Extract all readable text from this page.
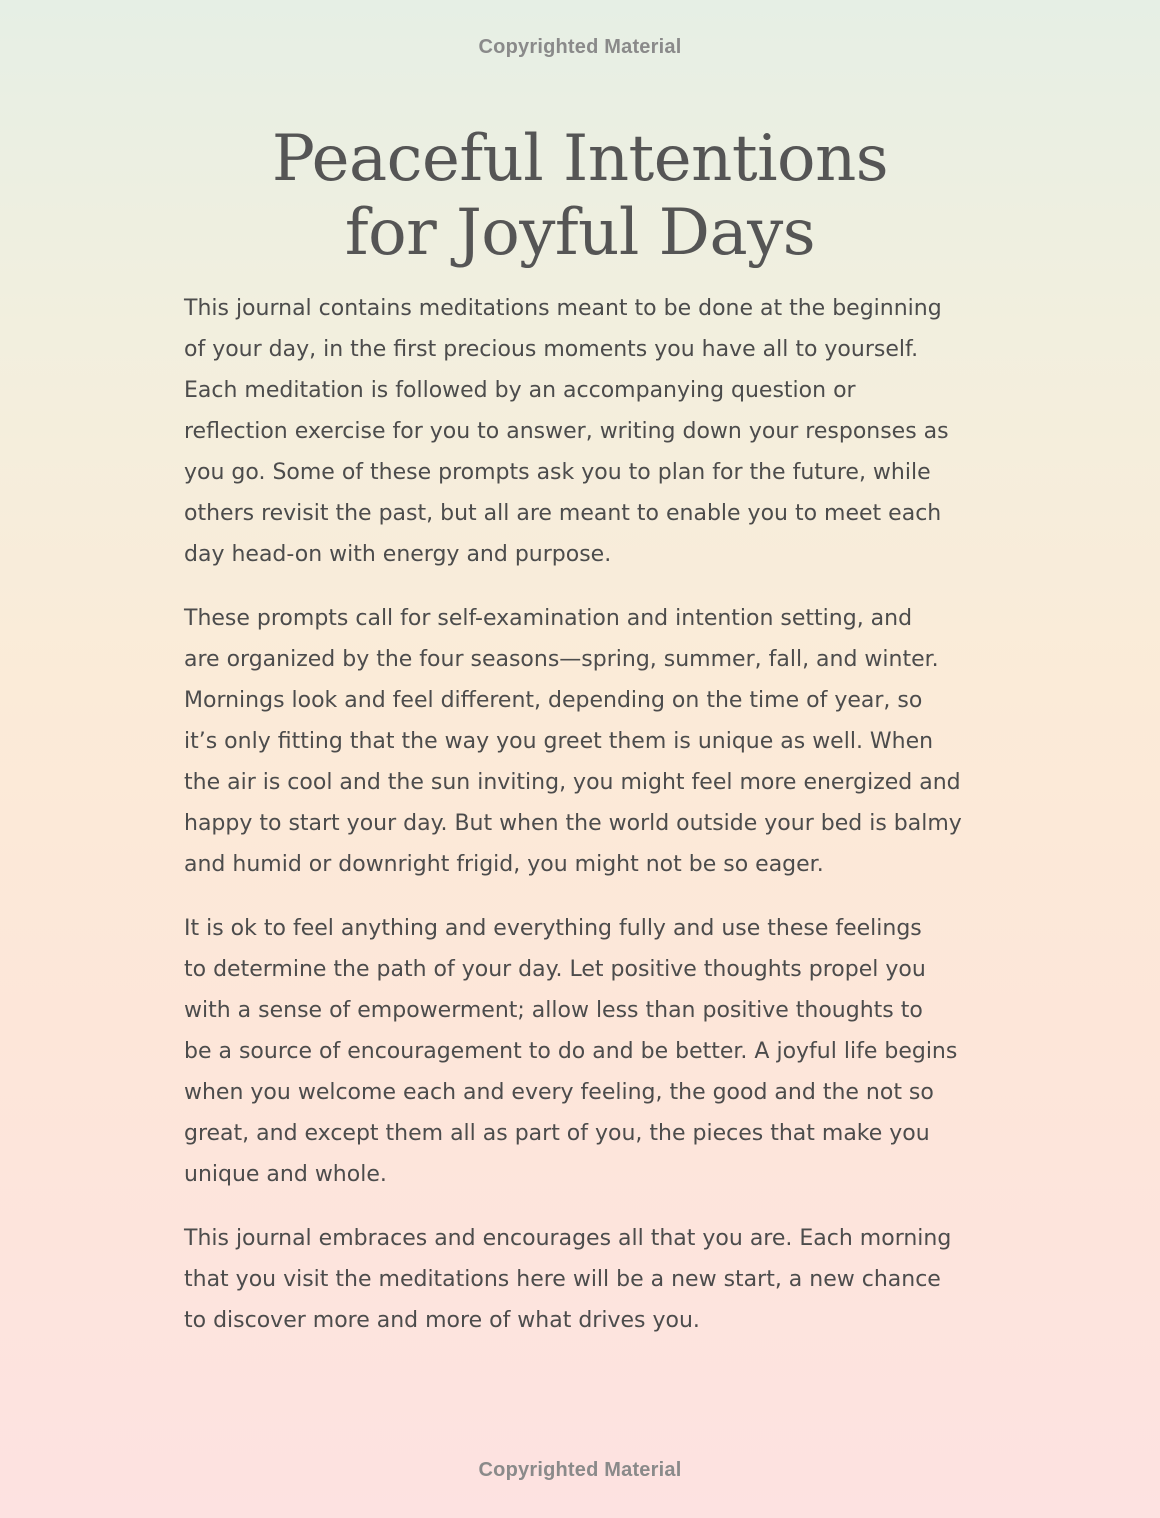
Copyrighted Material
Peaceful Intentions
for Joyful Days

This journal contains meditations meant to be done at the beginning
of your day, in the first precious moments you have all to yourself.
Each meditation is followed by an accompanying question or
reflection exercise for you to answer, writing down your responses as
you go. Some of these prompts ask you to plan for the future, while
others revisit the past, but all are meant to enable you to meet each
day head-on with energy and purpose.

These prompts call for self-examination and intention setting, and
are organized by the four seasons—spring, summer, fall, and winter.
Mornings look and feel different, depending on the time of year, so
it’s only fitting that the way you greet them is unique as well. When
the air is cool and the sun inviting, you might feel more energized and
happy to start your day. But when the world outside your bed is balmy
and humid or downright frigid, you might not be so eager.

It is ok to feel anything and everything fully and use these feelings
to determine the path of your day. Let positive thoughts propel you
with a sense of empowerment; allow less than positive thoughts to
be a source of encouragement to do and be better. A joyful life begins
when you welcome each and every feeling, the good and the not so
great, and except them all as part of you, the pieces that make you
unique and whole.

This journal embraces and encourages all that you are. Each morning
that you visit the meditations here will be a new start, a new chance
to discover more and more of what drives you.

Copyrighted Material
